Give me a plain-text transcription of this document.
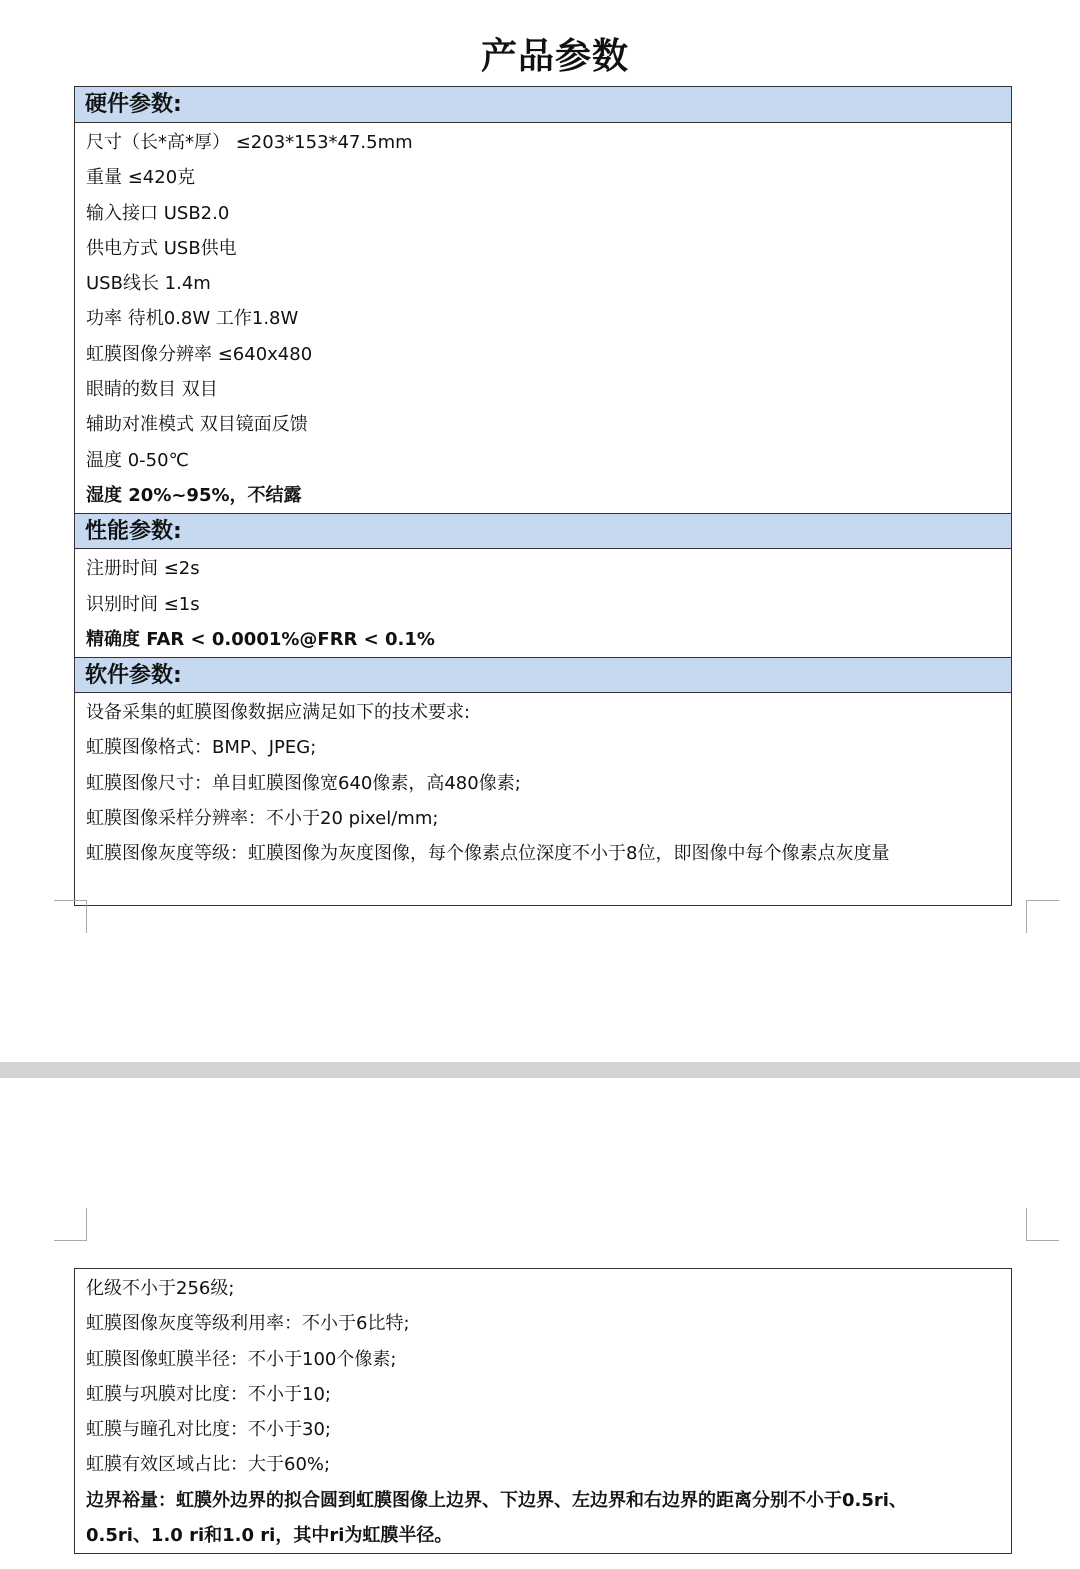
产品参数
硬件参数:
尺寸（长*高*厚） ≤203*153*47.5mm
重量 ≤420克
输入接口 USB2.0
供电方式 USB供电
USB线长 1.4m
功率 待机0.8W 工作1.8W
虹膜图像分辨率 ≤640x480
眼睛的数目 双目
辅助对准模式 双目镜面反馈
温度 0-50℃
湿度 20%~95%，不结露
性能参数:
注册时间 ≤2s
识别时间 ≤1s
精确度 FAR < 0.0001%@FRR < 0.1%
软件参数:
设备采集的虹膜图像数据应满足如下的技术要求:
虹膜图像格式：BMP、JPEG;
虹膜图像尺寸：单目虹膜图像宽640像素，高480像素;
虹膜图像采样分辨率：不小于20 pixel/mm;
虹膜图像灰度等级：虹膜图像为灰度图像，每个像素点位深度不小于8位，即图像中每个像素点灰度量
化级不小于256级;
虹膜图像灰度等级利用率：不小于6比特;
虹膜图像虹膜半径：不小于100个像素;
虹膜与巩膜对比度：不小于10;
虹膜与瞳孔对比度：不小于30;
虹膜有效区域占比：大于60%;
边界裕量：虹膜外边界的拟合圆到虹膜图像上边界、下边界、左边界和右边界的距离分别不小于0.5ri、
0.5ri、1.0 ri和1.0 ri，其中ri为虹膜半径。
